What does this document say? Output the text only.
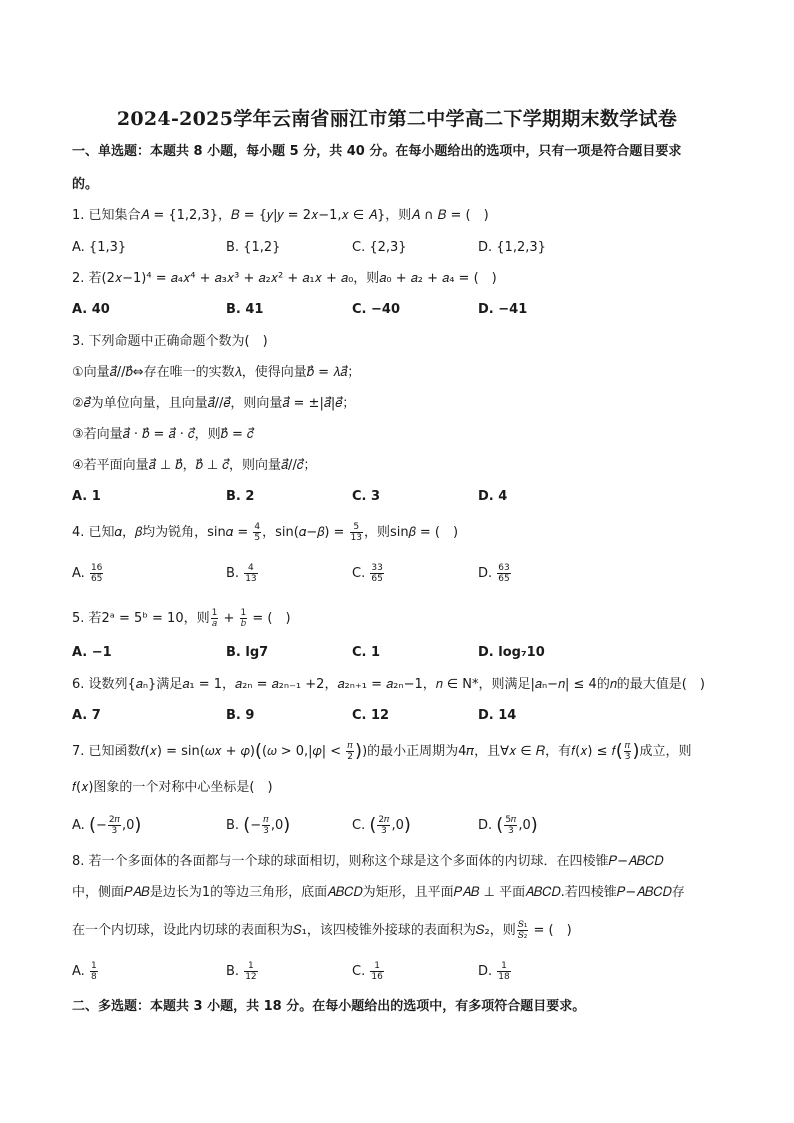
2024-2025学年云南省丽江市第二中学高二下学期期末数学试卷
一、单选题：本题共 8 小题，每小题 5 分，共 40 分。在每小题给出的选项中，只有一项是符合题目要求
的。
1. 已知集合𝐴 = {1,2,3}，𝐵 = {𝑦|𝑦 = 2𝑥−1,𝑥 ∈ 𝐴}，则𝐴 ∩ 𝐵 = (　)
A. {1,3}	B. {1,2}	C. {2,3}	D. {1,2,3}
2. 若(2𝑥−1)⁴ = 𝑎₄𝑥⁴ + 𝑎₃𝑥³ + 𝑎₂𝑥² + 𝑎₁𝑥 + 𝑎₀，则𝑎₀ + 𝑎₂ + 𝑎₄ = (　)
A. 40	B. 41	C. −40	D. −41
3. 下列命题中正确命题个数为(　)
①向量𝑎⃗//𝑏⃗⇔存在唯一的实数𝜆，使得向量𝑏⃗ = 𝜆𝑎⃗；
②𝑒⃗为单位向量，且向量𝑎⃗//𝑒⃗，则向量𝑎⃗ = ±|𝑎⃗|𝑒⃗；
③若向量𝑎⃗ · 𝑏⃗ = 𝑎⃗ · 𝑐⃗，则𝑏⃗ = 𝑐⃗
④若平面向量𝑎⃗ ⊥ 𝑏⃗，𝑏⃗ ⊥ 𝑐⃗，则向量𝑎⃗//𝑐⃗；
A. 1	B. 2	C. 3	D. 4
4. 已知𝛼，𝛽均为锐角，sin𝛼 = $\frac{4}{5}$ ，sin(𝛼−𝛽) = $\frac{5}{13}$ ，则sin𝛽 = (　)
A. $\frac{16}{65}$	B. $\frac{4}{13}$	C. $\frac{33}{65}$	D. $\frac{63}{65}$
5. 若2ᵃ = 5ᵇ = 10，则 $\frac{1}{\text{𝑎}} + \frac{1}{\text{𝑏}}$ = (　)
A. −1	B. lg7	C. 1	D. log₇10
6. 设数列{𝑎ₙ}满足𝑎₁ = 1，𝑎₂ₙ = 𝑎₂ₙ₋₁ +2，𝑎₂ₙ₊₁ = 𝑎₂ₙ−1，𝑛 ∈ N*，则满足|𝑎ₙ−𝑛| ≤ 4的𝑛的最大值是(　)
A. 7	B. 9	C. 12	D. 14
7. 已知函数𝑓(𝑥) = sin(𝜔𝑥 + 𝜑)((𝜔 > 0,|𝜑| < $\frac{\text{𝜋}}{2}$ ))的最小正周期为4𝜋，且∀𝑥 ∈ 𝑅，有𝑓(𝑥) ≤ 𝑓( $\frac{\text{𝜋}}{3}$ )成立，则
𝑓(𝑥)图象的一个对称中心坐标是(　)
A. (− $\frac{\text{2𝜋}}{3} ,0$)	B. (− $\frac{\text{𝜋}}{3} ,0$)	C. ( $\frac{\text{2𝜋}}{3} ,0$)	D. ( $\frac{\text{5𝜋}}{3} ,0$)
8. 若一个多面体的各面都与一个球的球面相切，则称这个球是这个多面体的内切球．在四棱锥𝑃−𝐴𝐵𝐶𝐷
中，侧面𝑃𝐴𝐵是边长为1的等边三角形，底面𝐴𝐵𝐶𝐷为矩形，且平面𝑃𝐴𝐵 ⊥ 平面𝐴𝐵𝐶𝐷.若四棱锥𝑃−𝐴𝐵𝐶𝐷存
在一个内切球，设此内切球的表面积为𝑆₁，该四棱锥外接球的表面积为𝑆₂，则 $\frac{\text{𝑆₁}}{\text{𝑆₂}}$ = (　)
A. $\frac{1}{8}$	B. $\frac{1}{12}$	C. $\frac{1}{16}$	D. $\frac{1}{18}$
二、多选题：本题共 3 小题，共 18 分。在每小题给出的选项中，有多项符合题目要求。
